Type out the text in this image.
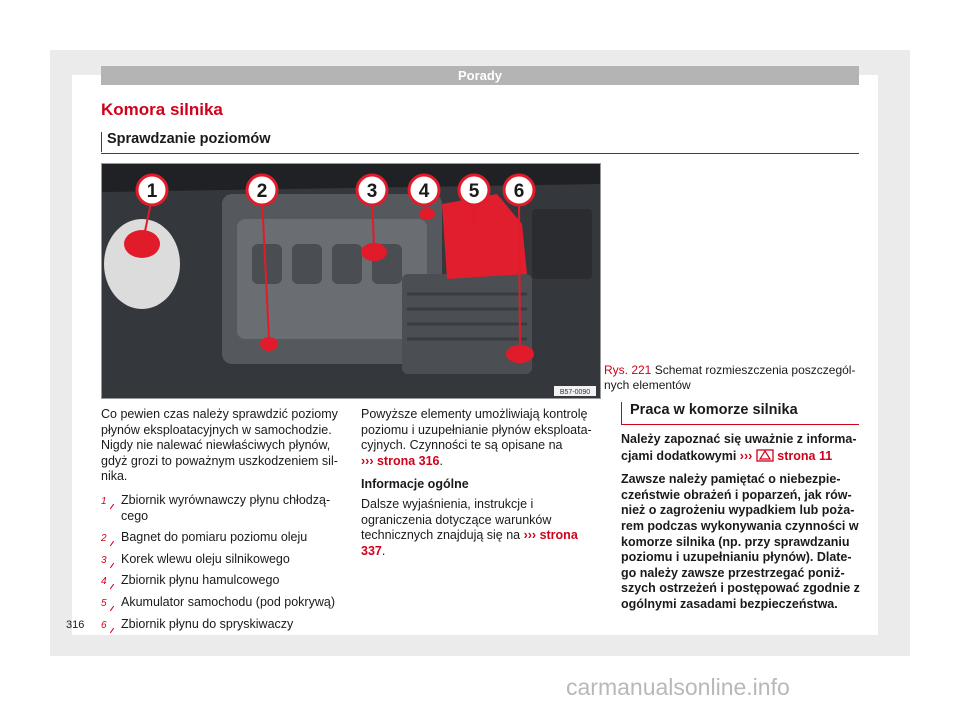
Porady
Komora silnika
Sprawdzanie poziomów
1	2	3 4 5 6
B57-0090
Rys. 221 Schemat rozmieszczenia poszczególnych elementów

Co pewien czas należy sprawdzić poziomy płynów eksploatacyjnych w samochodzie. Nigdy nie nalewać niewłaściwych płynów, gdyż grozi to poważnym uszkodzeniem silnika.

1 Zbiornik wyrównawczy płynu chłodzącego
2 Bagnet do pomiaru poziomu oleju
3 Korek wlewu oleju silnikowego
4 Zbiornik płynu hamulcowego
5 Akumulator samochodu (pod pokrywą)
6 Zbiornik płynu do spryskiwaczy

Powyższe elementy umożliwiają kontrolę poziomu i uzupełnianie płynów eksploatacyjnych. Czynności te są opisane na
››› strona 316.

Informacje ogólne

Dalsze wyjaśnienia, instrukcje i ograniczenia dotyczące warunków technicznych znajdują się na ››› strona 337.

Praca w komorze silnika

Należy zapoznać się uważnie z informacjami dodatkowymi ››› strona 11

Zawsze należy pamiętać o niebezpieczeństwie obrażeń i poparzeń, jak również o zagrożeniu wypadkiem lub pożarem podczas wykonywania czynności w komorze silnika (np. przy sprawdzaniu poziomu i uzupełnianiu płynów). Dlatego należy zawsze przestrzegać poniższych ostrzeżeń i postępować zgodnie z ogólnymi zasadami bezpieczeństwa.

316
carmanualsonline.info
